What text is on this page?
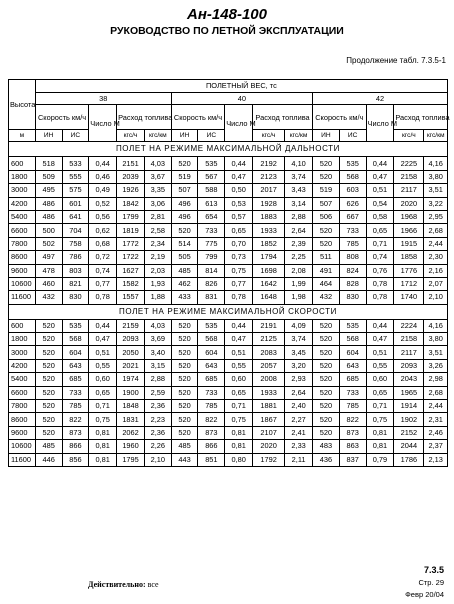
Ан-148-100
РУКОВОДСТВО ПО ЛЕТНОЙ ЭКСПЛУАТАЦИИ
Продолжение табл. 7.3.5-1
Высота	ПОЛЕТНЫЙ ВЕС, тс														
	38					40					42				
	Скорость км/ч		Число М	Расход топлива		Скорость км/ч		Число М	Расход топлива		Скорость км/ч		Число М	Расход топлива	
м	ИН	ИС		кгс/ч	кгс/км	ИН	ИС		кгс/ч	кгс/км	ИН	ИС		кгс/ч	кгс/км
ПОЛЕТ НА РЕЖИМЕ МАКСИМАЛЬНОЙ ДАЛЬНОСТИ															
600	518	533	0,44	2151	4,03	520	535	0,44	2192	4,10	520	535	0,44	2225	4,16
1800	509	555	0,46	2039	3,67	519	567	0,47	2123	3,74	520	568	0,47	2158	3,80
3000	495	575	0,49	1926	3,35	507	588	0,50	2017	3,43	519	603	0,51	2117	3,51
4200	486	601	0,52	1842	3,06	496	613	0,53	1928	3,14	507	626	0,54	2020	3,22
5400	486	641	0,56	1799	2,81	496	654	0,57	1883	2,88	506	667	0,58	1968	2,95
6600	500	704	0,62	1819	2,58	520	733	0,65	1933	2,64	520	733	0,65	1966	2,68
7800	502	758	0,68	1772	2,34	514	775	0,70	1852	2,39	520	785	0,71	1915	2,44
8600	497	786	0,72	1722	2,19	505	799	0,73	1794	2,25	511	808	0,74	1858	2,30
9600	478	803	0,74	1627	2,03	485	814	0,75	1698	2,08	491	824	0,76	1776	2,16
10600	460	821	0,77	1582	1,93	462	826	0,77	1642	1,99	464	828	0,78	1712	2,07
11600	432	830	0,78	1557	1,88	433	831	0,78	1648	1,98	432	830	0,78	1740	2,10
ПОЛЕТ НА РЕЖИМЕ МАКСИМАЛЬНОЙ СКОРОСТИ															
600	520	535	0,44	2159	4,03	520	535	0,44	2191	4,09	520	535	0,44	2224	4,16
1800	520	568	0,47	2093	3,69	520	568	0,47	2125	3,74	520	568	0,47	2158	3,80
3000	520	604	0,51	2050	3,40	520	604	0,51	2083	3,45	520	604	0,51	2117	3,51
4200	520	643	0,55	2021	3,15	520	643	0,55	2057	3,20	520	643	0,55	2093	3,26
5400	520	685	0,60	1974	2,88	520	685	0,60	2008	2,93	520	685	0,60	2043	2,98
6600	520	733	0,65	1900	2,59	520	733	0,65	1933	2,64	520	733	0,65	1965	2,68
7800	520	785	0,71	1848	2,36	520	785	0,71	1881	2,40	520	785	0,71	1914	2,44
8600	520	822	0,75	1831	2,23	520	822	0,75	1867	2,27	520	822	0,75	1902	2,31
9600	520	873	0,81	2062	2,36	520	873	0,81	2107	2,41	520	873	0,81	2152	2,46
10600	485	866	0,81	1960	2,26	485	866	0,81	2020	2,33	483	863	0,81	2044	2,37
11600	446	856	0,81	1795	2,10	443	851	0,80	1792	2,11	436	837	0,79	1786	2,13
Действительно: все
7.3.5
Стр. 29
Февр 20/04
